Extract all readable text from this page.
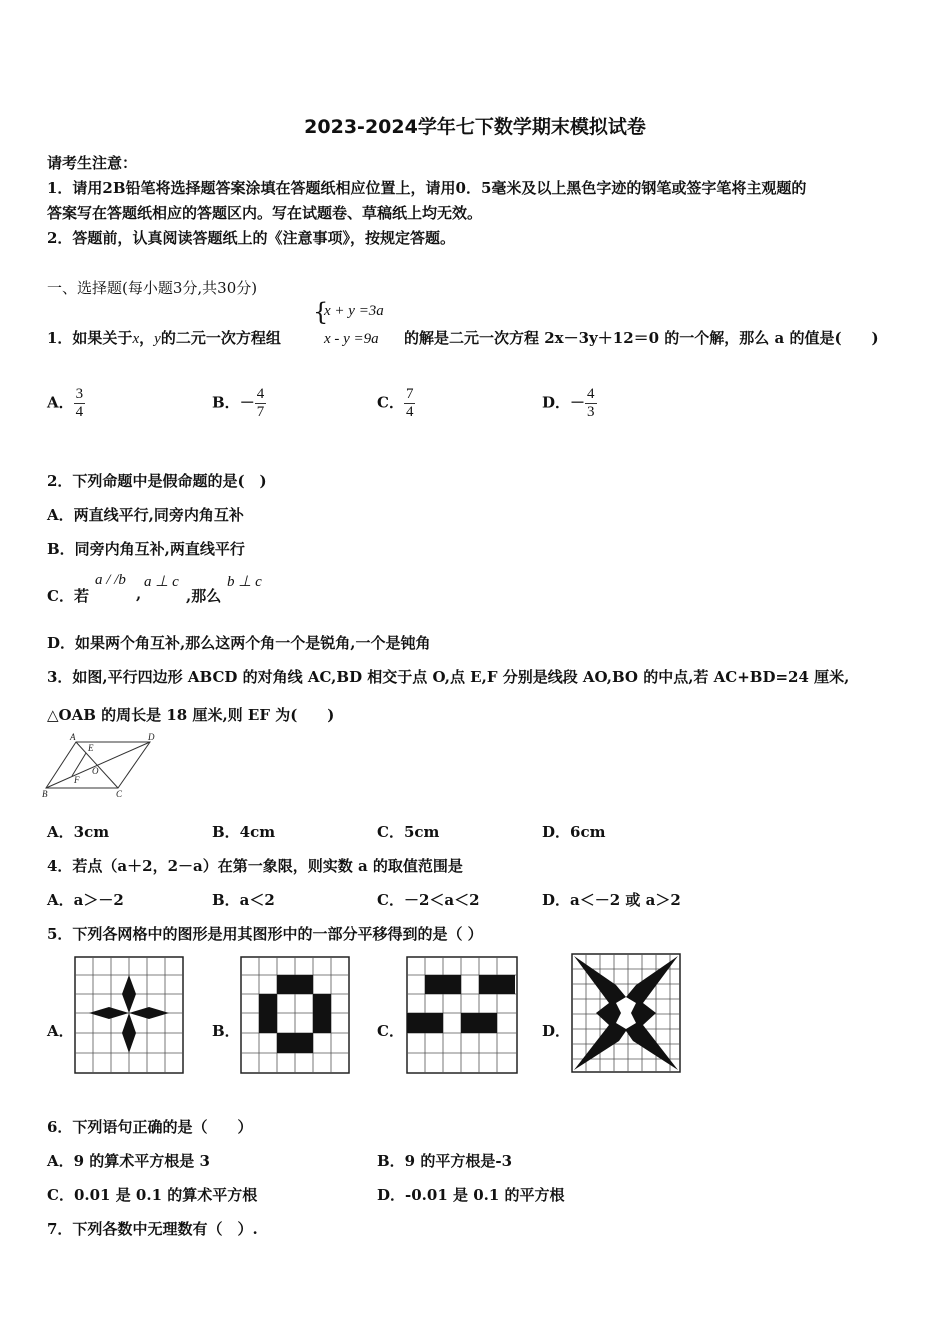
2023-2024学年七下数学期末模拟试卷
请考生注意：
1．请用2B铅笔将选择题答案涂填在答题纸相应位置上，请用0．5毫米及以上黑色字迹的钢笔或签字笔将主观题的
答案写在答题纸相应的答题区内。写在试题卷、草稿纸上均无效。
2．答题前，认真阅读答题纸上的《注意事项》，按规定答题。
一、选择题(每小题3分,共30分)
1．如果关于x，y的二元一次方程组
{
x + y =3a
x - y =9a 的解是二元一次方程 2x－3y＋12＝0 的一个解，那么 a 的值是(　　)
A． $\frac{3}{4}$	B．－ $\frac{4}{7}$	C． $\frac{7}{4}$	D．－ $\frac{4}{3}$
2．下列命题中是假命题的是(　)
A．两直线平行,同旁内角互补
B．同旁内角互补,两直线平行
C．若
a / /b
,
a ⊥ c
,那么
b ⊥ c
D．如果两个角互补,那么这两个角一个是锐角,一个是钝角
3．如图,平行四边形 ABCD 的对角线 AC,BD 相交于点 O,点 E,F 分别是线段 AO,BO 的中点,若 AC+BD=24 厘米,
△OAB 的周长是 18 厘米,则 EF 为(　　)
A	D
B	C
E
F
O
A．3cm	B．4cm	C．5cm	D．6cm
4．若点（a＋2，2－a）在第一象限，则实数 a 的取值范围是
A．a＞－2	B．a＜2	C．－2＜a＜2	D．a＜－2 或 a＞2
5．下列各网格中的图形是用其图形中的一部分平移得到的是（ ）
A．	B．	C．	D．
6．下列语句正确的是（　　）
A．9 的算术平方根是 3	B．9 的平方根是-3
C．0.01 是 0.1 的算术平方根	D．-0.01 是 0.1 的平方根
7．下列各数中无理数有（　）.
